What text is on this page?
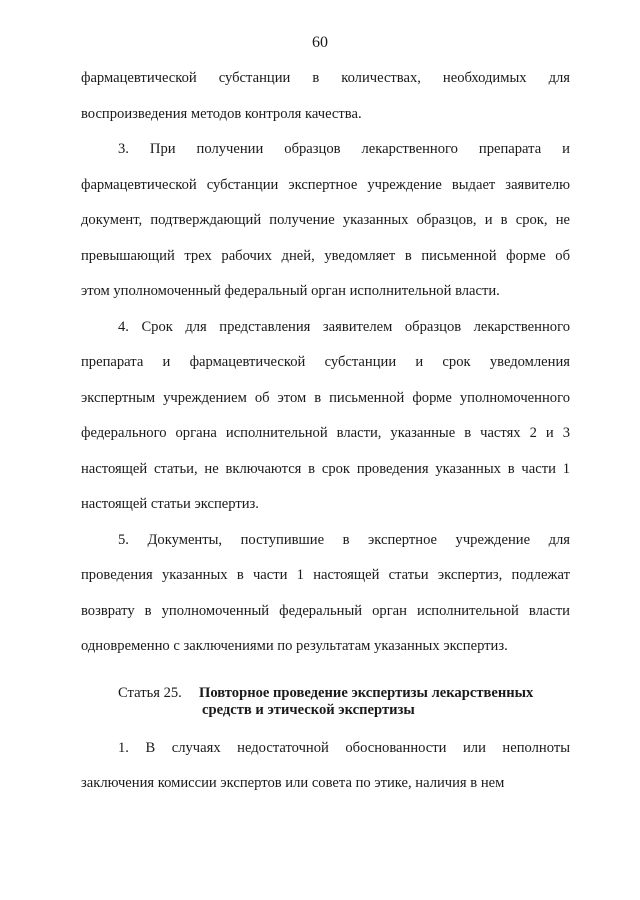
60

фармацевтической субстанции в количествах, необходимых для
воспроизведения методов контроля качества.

3. При получении образцов лекарственного препарата и
фармацевтической субстанции экспертное учреждение выдает заявителю
документ, подтверждающий получение указанных образцов, и в срок, не
превышающий трех рабочих дней, уведомляет в письменной форме об
этом уполномоченный федеральный орган исполнительной власти.

4. Срок для представления заявителем образцов лекарственного
препарата и фармацевтической субстанции и срок уведомления
экспертным учреждением об этом в письменной форме уполномоченного
федерального органа исполнительной власти, указанные в частях 2 и 3
настоящей статьи, не включаются в срок проведения указанных в части 1
настоящей статьи экспертиз.

5. Документы, поступившие в экспертное учреждение для
проведения указанных в части 1 настоящей статьи экспертиз, подлежат
возврату в уполномоченный федеральный орган исполнительной власти
одновременно с заключениями по результатам указанных экспертиз.

Статья 25.	Повторное проведение экспертизы лекарственных
средств и этической экспертизы

1. В случаях недостаточной обоснованности или неполноты
заключения комиссии экспертов или совета по этике, наличия в нем
